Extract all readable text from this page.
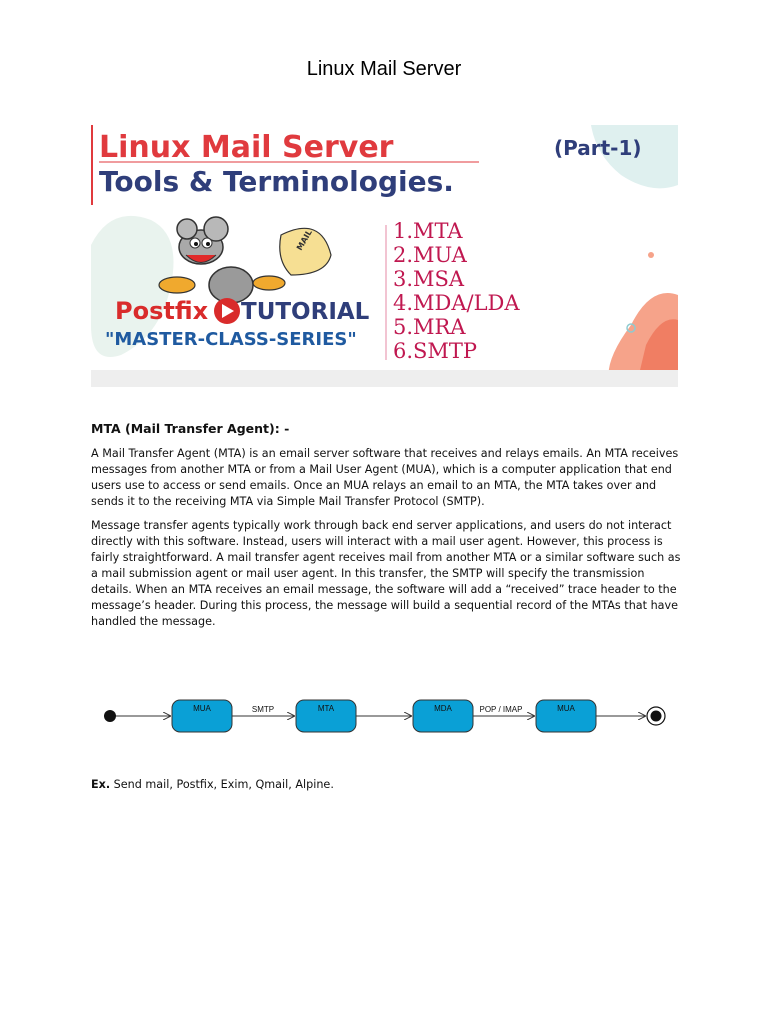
Linux Mail Server
Linux Mail Server	(Part-1)
Tools & Terminologies.
MAIL
Postfix TUTORIAL
"MASTER-CLASS-SERIES"
1.MTA
2.MUA
3.MSA
4.MDA/LDA
5.MRA
6.SMTP
MTA (Mail Transfer Agent): -

A Mail Transfer Agent (MTA) is an email server software that receives and relays emails. An MTA receives messages from another MTA or from a Mail User Agent (MUA), which is a computer application that end users use to access or send emails. Once an MUA relays an email to an MTA, the MTA takes over and sends it to the receiving MTA via Simple Mail Transfer Protocol (SMTP).

Message transfer agents typically work through back end server applications, and users do not interact directly with this software. Instead, users will interact with a mail user agent. However, this process is fairly straightforward. A mail transfer agent receives mail from another MTA or a similar software such as a mail submission agent or mail user agent. In this transfer, the SMTP will specify the transmission details. When an MTA receives an email message, the software will add a “received” trace header to the message’s header. During this process, the message will build a sequential record of the MTAs that have handled the message.

MUA	SMTP	MTA	MDA	POP / IMAP	MUA
Ex. Send mail, Postfix, Exim, Qmail, Alpine.
